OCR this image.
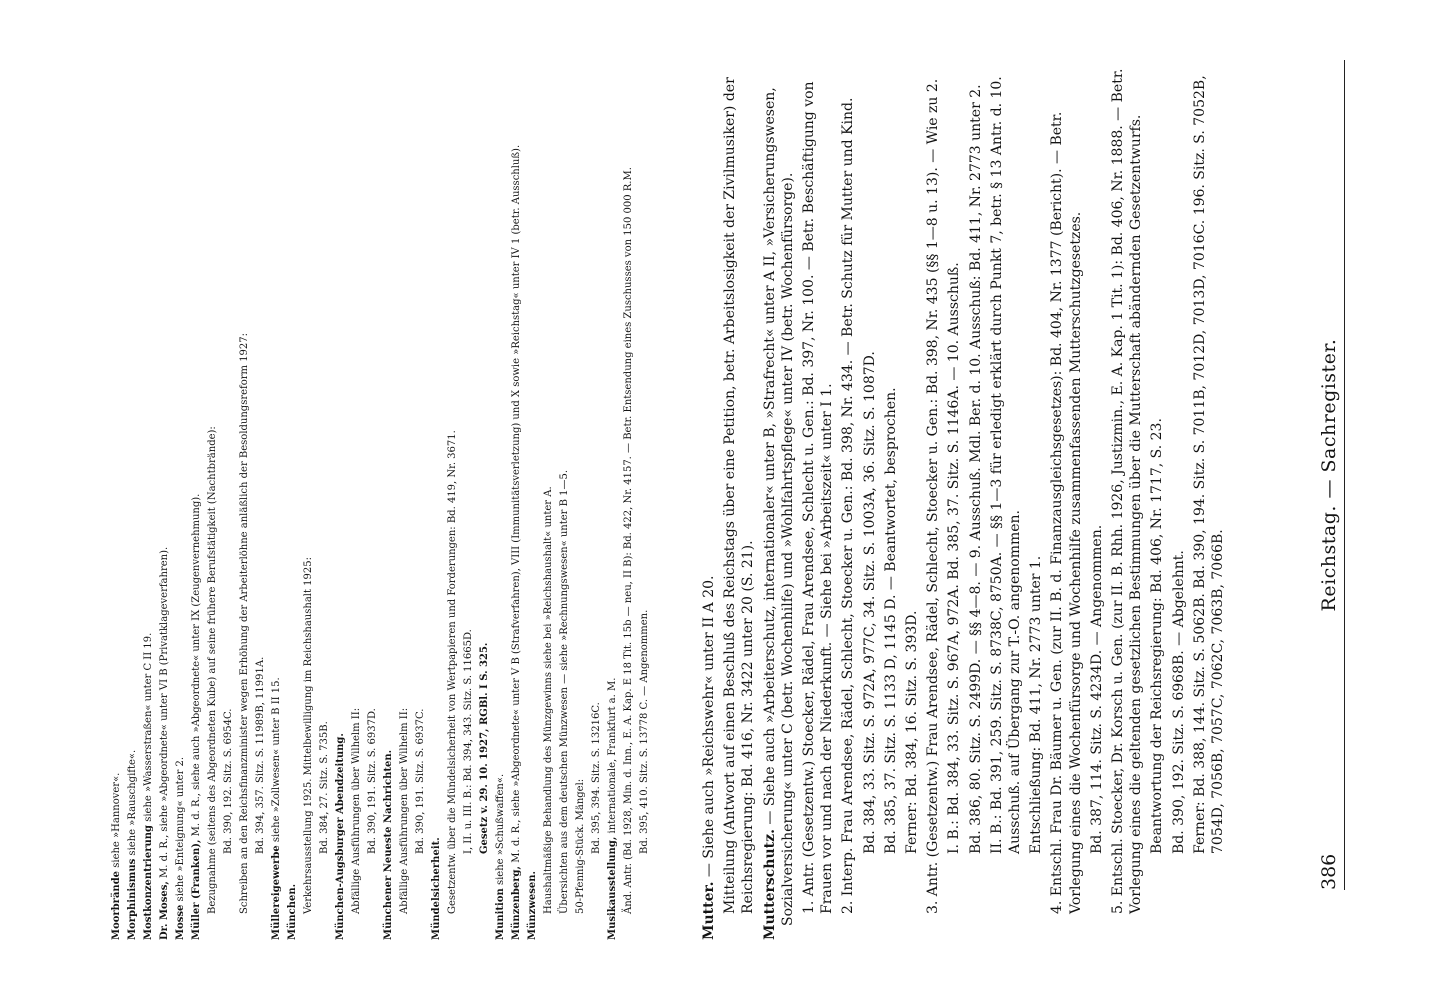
386
Reichstag. — Sachregister.

Moorbrände siehe »Hannover«.

Morphinismus siehe »Rauschgifte«.

Mostkonzentrierung siehe »Wasserstraßen« unter C II 19.

Dr. Moses, M. d. R., siehe »Abgeordnete« unter VI B (Privatklageverfahren).

Mosse siehe »Enteignung« unter 2. Müller (Franken), M. d. R., siehe auch »Abgeordnete« unter IX (Zeugenvernehmung). Bezugnahme (seitens des Abgeordneten Kube) auf seine frühere Berufstätigkeit (Nachtbrände): Bd. 390, 192. Sitz. S. 6954C. Schreiben an den Reichsfinanzminister wegen Erhöhung der Arbeiterlöhne anläßlich der Besoldungsreform 1927: Bd. 394, 357. Sitz. S. 11989B, 11991A.

Müllereigewerbe siehe »Zollwesen« unter B II 15.

München. Verkehrsausstellung 1925. Mittelbewilligung im Reichshaushalt 1925: Bd. 384, 27. Sitz. S. 735B. München-Augsburger Abendzeitung. Abfällige Ausführungen über Wilhelm II: Bd. 390, 191. Sitz. S. 6937D. Münchener Neueste Nachrichten. Abfällige Ausführungen über Wilhelm II: Bd. 390, 191. Sitz. S. 6937C.

Mündelsicherheit. Gesetzentw. über die Mündelsicherheit von Wertpapieren und Forderungen: Bd. 419, Nr. 3671. I, II. u. III. B.: Bd. 394, 343. Sitz. S. 11665D. Gesetz v. 29. 10. 1927, RGBl. I S. 325.

Munition siehe »Schußwaffen«.

Münzenberg, M. d. R., siehe »Abgeordnete« unter V B (Strafverfahren), VIII (Immunitätsverletzung) und X sowie »Reichstag« unter IV 1 (betr. Ausschluß).

Münzwesen. Haushaltmäßige Behandlung des Münzgewinns siehe bei »Reichshaushalt« unter A. Übersichten aus dem deutschen Münzwesen — siehe »Rechnungswesen« unter B 1—5. 50-Pfennig-Stück. Mängel: Bd. 395, 394. Sitz. S. 13216C.

Musikausstellung, internationale, Frankfurt a. M. Änd. Antr. (Bd. 1928, Min. d. Inn., E. A. Kap. E 18 Tit. 15b — neu, II B): Bd. 422, Nr. 4157. — Betr. Entsendung eines Zuschusses von 150 000 R.M. Bd. 395, 410. Sitz. S. 13778 C. — Angenommen.

Mutter. — Siehe auch »Reichswehr« unter II A 20. Mitteilung (Antwort auf einen Beschluß des Reichstags über eine Petition, betr. Arbeitslosigkeit der Zivilmusiker) der Reichsregierung: Bd. 416, Nr. 3422 unter 20 (S. 21). Mutterschutz. — Siehe auch »Arbeiterschutz, internationaler« unter B, »Strafrecht« unter A II, »Versicherungswesen, Sozialversicherung« unter C (betr. Wochenhilfe) und »Wohlfahrtspflege« unter IV (betr. Wochenfürsorge). 1. Antr. (Gesetzentw.) Stoecker, Rädel, Frau Arendsee, Schlecht u. Gen.: Bd. 397, Nr. 100. — Betr. Beschäftigung von Frauen vor und nach der Niederkunft. — Siehe bei »Arbeitszeit« unter I 1. 2. Interp. Frau Arendsee, Rädel, Schlecht, Stoecker u. Gen.: Bd. 398, Nr. 434. — Betr. Schutz für Mutter und Kind. Bd. 384, 33. Sitz. S. 972A, 977C, 34. Sitz. S. 1003A, 36. Sitz. S. 1087D. Bd. 385, 37. Sitz. S. 1133 D, 1145 D. — Beantwortet, besprochen. Ferner: Bd. 384, 16. Sitz. S. 393D. 3. Antr. (Gesetzentw.) Frau Arendsee, Rädel, Schlecht, Stoecker u. Gen.: Bd. 398, Nr. 435 (§§ 1—8 u. 13). — Wie zu 2. I. B.: Bd. 384, 33. Sitz. S. 967A, 972A. Bd. 385, 37. Sitz. S. 1146A. — 10. Ausschuß. Bd. 386, 80. Sitz. S. 2499D. — §§ 4—8. — 9. Ausschuß. Mdl. Ber. d. 10. Ausschuß: Bd. 411, Nr. 2773 unter 2. II. B.: Bd. 391, 259. Sitz. S. 8738C, 8750A. — §§ 1—3 für erledigt erklärt durch Punkt 7, betr. § 13 Antr. d. 10. Ausschuß. auf Übergang zur T.-O. angenommen. Entschließung: Bd. 411, Nr. 2773 unter 1. 4. Entschl. Frau Dr. Bäumer u. Gen. (zur II. B. d. Finanzausgleichsgesetzes): Bd. 404, Nr. 1377 (Bericht). — Betr. Vorlegung eines die Wochenfürsorge und Wochenhilfe zusammenfassenden Mutterschutzgesetzes. Bd. 387, 114. Sitz. S. 4234D. — Angenommen. 5. Entschl. Stoecker, Dr. Korsch u. Gen. (zur II. B. Rhh. 1926, Justizmin., E. A. Kap. 1 Tit. 1): Bd. 406, Nr. 1888. — Betr. Vorlegung eines die geltenden gesetzlichen Bestimmungen über die Mutterschaft abändernden Gesetzentwurfs. Beantwortung der Reichsregierung: Bd. 406, Nr. 1717, S. 23. Bd. 390, 192. Sitz. S. 6968B. — Abgelehnt. Ferner: Bd. 388, 144. Sitz. S. 5062B. Bd. 390, 194. Sitz. S. 7011B, 7012D, 7013D, 7016C. 196. Sitz. S. 7052B, 7054D, 7056B, 7057C, 7062C, 7063B, 7066B.
